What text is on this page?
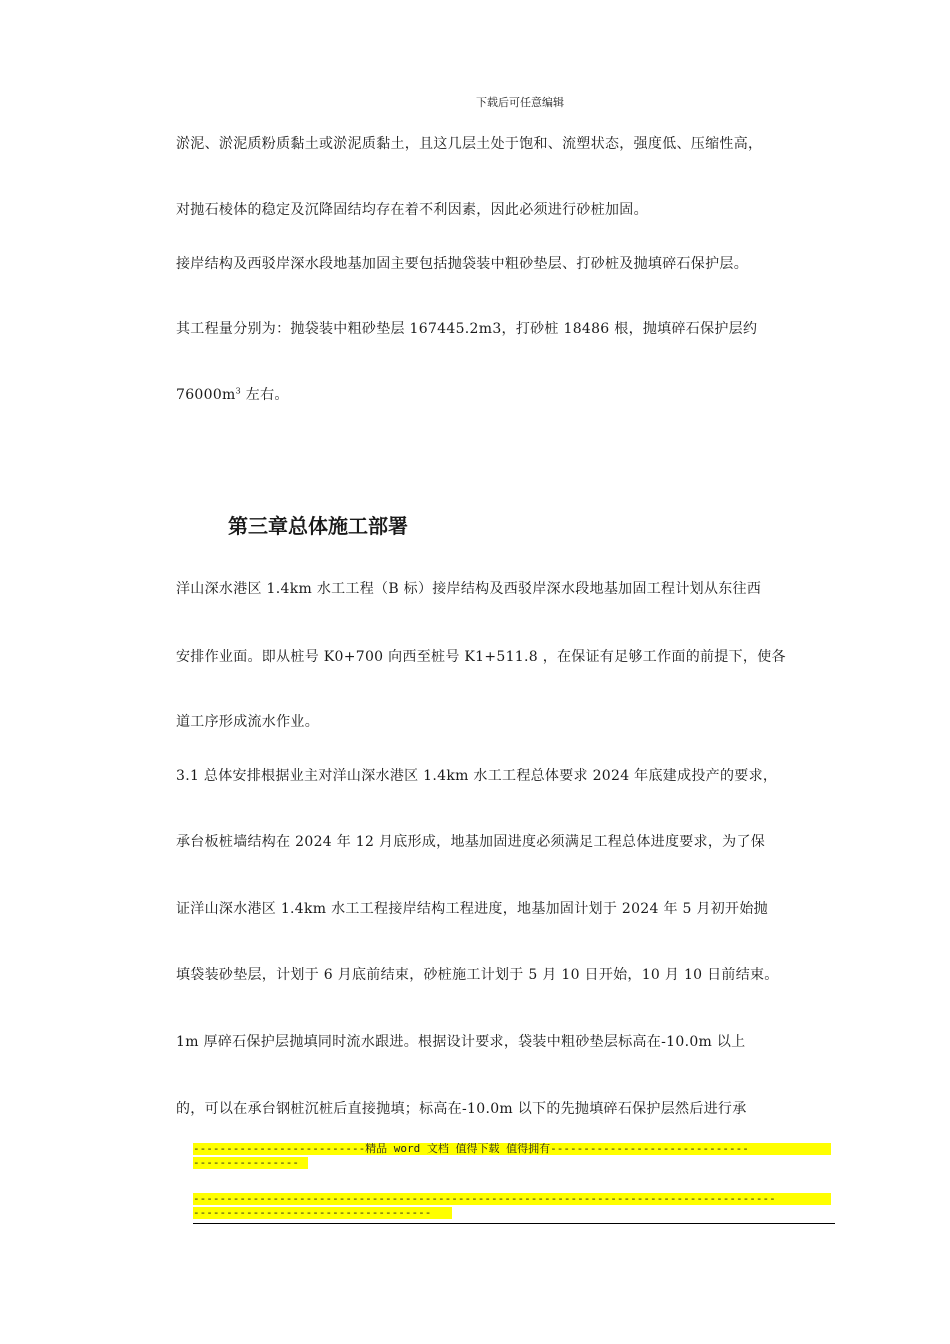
下载后可任意编辑
淤泥、淤泥质粉质黏土或淤泥质黏土，且这几层土处于饱和、流塑状态，强度低、压缩性高，
对抛石棱体的稳定及沉降固结均存在着不利因素，因此必须进行砂桩加固。
接岸结构及西驳岸深水段地基加固主要包括抛袋装中粗砂垫层、打砂桩及抛填碎石保护层。
其工程量分别为：抛袋装中粗砂垫层 167445.2m3，打砂桩 18486 根，抛填碎石保护层约
$76000m^3$ 左右。
第三章总体施工部署
洋山深水港区 1.4km 水工工程（B 标）接岸结构及西驳岸深水段地基加固工程计划从东往西
安排作业面。即从桩号 K0+700 向西至桩号 K1+511.8 ，在保证有足够工作面的前提下，使各
道工序形成流水作业。
3.1 总体安排根据业主对洋山深水港区 1.4km 水工工程总体要求 2024 年底建成投产的要求，
承台板桩墙结构在 2024 年 12 月底形成，地基加固进度必须满足工程总体进度要求，为了保
证洋山深水港区 1.4km 水工工程接岸结构工程进度，地基加固计划于 2024 年 5 月初开始抛
填袋装砂垫层，计划于 6 月底前结束，砂桩施工计划于 5 月 10 日开始，10 月 10 日前结束。
1m 厚碎石保护层抛填同时流水跟进。根据设计要求，袋装中粗砂垫层标高在-10.0m 以上
的，可以在承台钢桩沉桩后直接抛填；标高在-10.0m 以下的先抛填碎石保护层然后进行承
--------------------------精品 word 文档 值得下载 值得拥有------------------------------
----------------
----------------------------------------------------------------------------------------
------------------------------------
